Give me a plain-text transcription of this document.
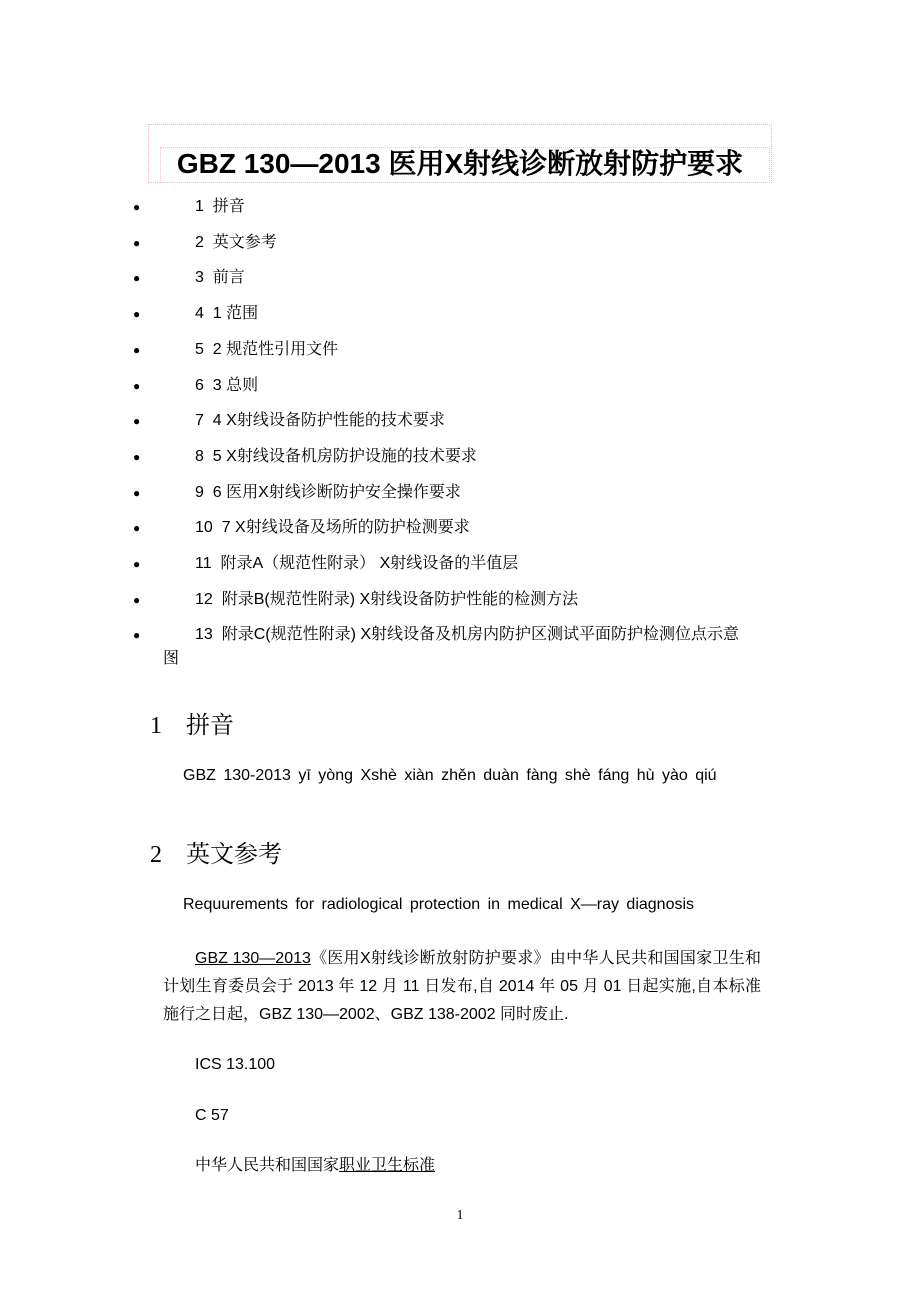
GBZ 130—2013 医用X射线诊断放射防护要求
●	1 拼音
●	2 英文参考
●	3 前言
●	4 1 范围
●	5 2 规范性引用文件
●	6 3 总则
●	7 4 X射线设备防护性能的技术要求
●	8 5 X射线设备机房防护设施的技术要求
●	9 6 医用X射线诊断防护安全操作要求
●	10 7 X射线设备及场所的防护检测要求
●	11 附录A（规范性附录） X射线设备的半值层
●	12 附录B(规范性附录) X射线设备防护性能的检测方法
●	13 附录C(规范性附录) X射线设备及机房内防护区测试平面防护检测位点示意
图
1 拼音
GBZ 130-2013 yī yòng Xshè xiàn zhěn duàn fàng shè fáng hù yào qiú
2 英文参考
Requurements for radiological protection in medical X—ray diagnosis
GBZ 130—2013《医用X射线诊断放射防护要求》由中华人民共和国国家卫生和计划生育委员会于 2013 年 12 月 11 日发布,自 2014 年 05 月 01 日起实施,自本标准施行之日起，GBZ 130—2002、GBZ 138-2002 同时废止.
ICS 13.100
C 57
中华人民共和国国家职业卫生标准
1
